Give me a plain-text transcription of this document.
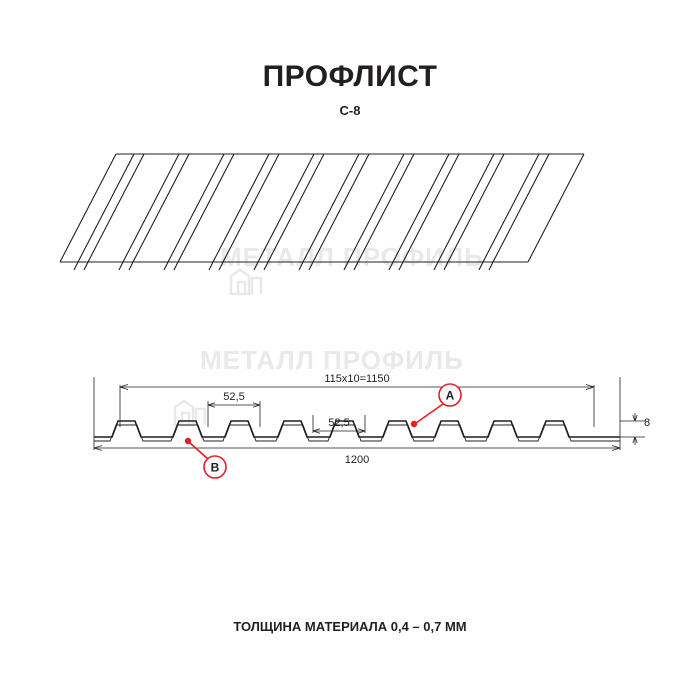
ПРОФЛИСТ
C-8
МЕТАЛЛ ПРОФИЛЬ
МЕТАЛЛ ПРОФИЛЬ
115х10=1150
52,5
52,5
1200
8
A
B
ТОЛЩИНА МАТЕРИАЛА 0,4 – 0,7 ММ
